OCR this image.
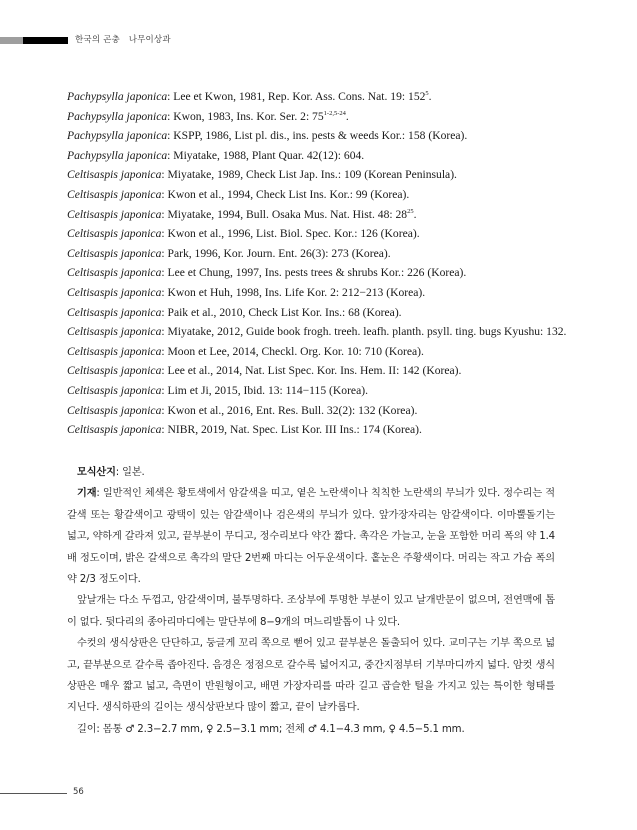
한국의 곤충 나무이상과
Pachypsylla japonica: Lee et Kwon, 1981, Rep. Kor. Ass. Cons. Nat. 19: $152^5$.
Pachypsylla japonica: Kwon, 1983, Ins. Kor. Ser. 2: 75$^{1-2,5-24}$.
Pachypsylla japonica: KSPP, 1986, List pl. dis., ins. pests & weeds Kor.: 158 (Korea).
Pachypsylla japonica: Miyatake, 1988, Plant Quar. 42(12): 604.
Celtisaspis japonica: Miyatake, 1989, Check List Jap. Ins.: 109 (Korean Peninsula).
Celtisaspis japonica: Kwon et al., 1994, Check List Ins. Kor.: 99 (Korea).
Celtisaspis japonica: Miyatake, 1994, Bull. Osaka Mus. Nat. Hist. 48: $28^{25}$.
Celtisaspis japonica: Kwon et al., 1996, List. Biol. Spec. Kor.: 126 (Korea).
Celtisaspis japonica: Park, 1996, Kor. Journ. Ent. 26(3): 273 (Korea).
Celtisaspis japonica: Lee et Chung, 1997, Ins. pests trees & shrubs Kor.: 226 (Korea).
Celtisaspis japonica: Kwon et Huh, 1998, Ins. Life Kor. 2: 212−213 (Korea).
Celtisaspis japonica: Paik et al., 2010, Check List Kor. Ins.: 68 (Korea).
Celtisaspis japonica: Miyatake, 2012, Guide book frogh. treeh. leafh. planth. psyll. ting. bugs Kyushu: 132.
Celtisaspis japonica: Moon et Lee, 2014, Checkl. Org. Kor. 10: 710 (Korea).
Celtisaspis japonica: Lee et al., 2014, Nat. List Spec. Kor. Ins. Hem. II: 142 (Korea).
Celtisaspis japonica: Lim et Ji, 2015, Ibid. 13: 114−115 (Korea).
Celtisaspis japonica: Kwon et al., 2016, Ent. Res. Bull. 32(2): 132 (Korea).
Celtisaspis japonica: NIBR, 2019, Nat. Spec. List Kor. III Ins.: 174 (Korea).
모식산지: 일본.
기재: 일반적인 체색은 황토색에서 암갈색을 띠고, 옅은 노란색이나 칙칙한 노란색의 무늬가 있다. 정수리는 적갈색 또는 황갈색이고 광택이 있는 암갈색이나 검은색의 무늬가 있다. 앞가장자리는 암갈색이다. 이마뿔돌기는 넓고, 약하게 갈라져 있고, 끝부분이 무디고, 정수리보다 약간 짧다. 촉각은 가늘고, 눈을 포함한 머리 폭의 약 1.4배 정도이며, 밝은 갈색으로 촉각의 말단 2번째 마디는 어두운색이다. 홑눈은 주황색이다. 머리는 작고 가슴 폭의 약 2/3 정도이다.
앞날개는 다소 두껍고, 암갈색이며, 불투명하다. 조상부에 투명한 부분이 있고 날개반문이 없으며, 전연맥에 톱이 없다. 뒷다리의 종아리마디에는 말단부에 8−9개의 며느리발톱이 나 있다.
수컷의 생식상판은 단단하고, 둥글게 꼬리 쪽으로 뻗어 있고 끝부분은 돌출되어 있다. 교미구는 기부 쪽으로 넓고, 끝부분으로 갈수록 좁아진다. 음경은 정점으로 갈수록 넓어지고, 중간지점부터 기부마디까지 넓다. 암컷 생식상판은 매우 짧고 넓고, 측면이 반원형이고, 배면 가장자리를 따라 길고 곱슬한 털을 가지고 있는 특이한 형태를 지닌다. 생식하판의 길이는 생식상판보다 많이 짧고, 끝이 날카롭다.
길이: 몸통 ♂ 2.3−2.7 mm, ♀ 2.5−3.1 mm; 전체 ♂ 4.1−4.3 mm, ♀ 4.5−5.1 mm.
56
